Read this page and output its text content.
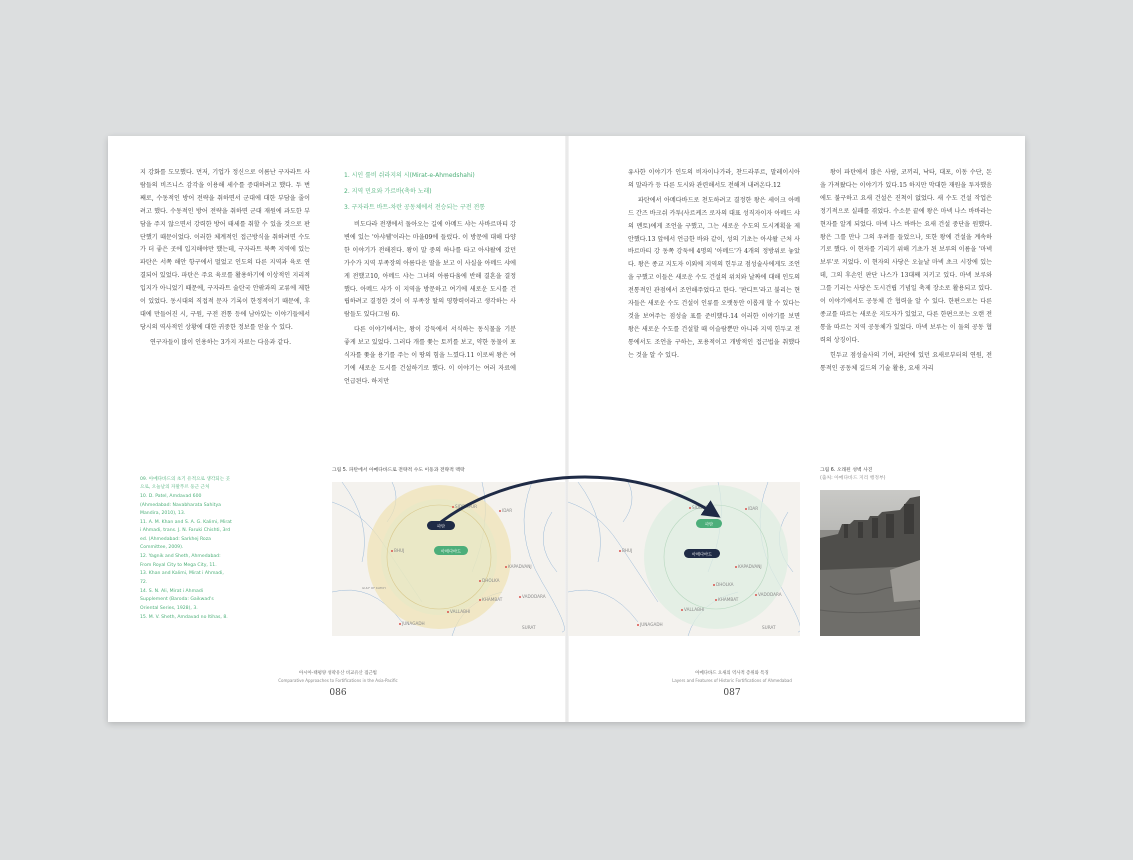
지 강화를 도모했다. 먼저, 기업가 정신으로 이름난 구자라트 사람들의 비즈니스 감각을 이용해 세수를 증대하려고 했다. 두 번째로, 수동적인 방어 전략을 취하면서 군대에 대한 부담을 줄이려고 했다. 수동적인 방어 전략을 취하면 군대 재원에 과도한 부담을 주지 않으면서 강력한 방어 태세를 취할 수 있을 것으로 판단했기 때문이었다. 이러한 체계적인 접근방식을 취하려면 수도가 더 좋은 곳에 입지해야만 했는데, 구자라트 북쪽 지역에 있는 파탄은 서쪽 해안 항구에서 멀었고 인도의 다른 지역과 육로 연결되어 있었다. 파탄은 주요 육로를 활용하기에 이상적인 지리적 입지가 아니었기 때문에, 구자라트 술탄국 안팎과의 교류에 제한이 있었다. 동시대의 직접적 문자 기록이 한정적이기 때문에, 후대에 만들어진 시, 구원, 구전 전통 등에 남아있는 이야기들에서 당시의 역사적인 상황에 대한 귀중한 정보를 얻을 수 있다.

연구자들이 많이 인용하는 3가지 자료는 다음과 같다.

1. 시인 룰비 쉬라지의 시(Mirat-e-Ahmedshahi)
2. 지역 민요와 가르바(축하 노래)
3. 구자라트 바트-차란 공동체에서 전승되는 구전 전통

비도다라 전쟁에서 돌아오는 길에 아메드 샤는 사바르마티 강변에 있는 '아샤웰'이라는 마을09에 들렀다. 이 방문에 대해 다양한 이야기가 전해진다. 왕이 말 중의 하나를 타고 아샤왈에 갔던 가수가 지역 부족장의 아름다운 딸을 보고 이 사실을 아메드 샤에게 전했고10, 아메드 샤는 그녀의 아름다움에 반해 결혼을 결정했다. 아메드 샤가 이 지역을 방문하고 여기에 새로운 도시를 건립하려고 결정한 것이 이 부족장 딸의 영향력이라고 생각하는 사람들도 있다(그림 6).

다른 이야기에서는, 왕이 강둑에서 서식하는 동식물을 기분 좋게 보고 있었다. 그러다 개를 쫓는 토끼를 보고, 약한 동물이 포식자를 쫓을 용기를 주는 이 땅의 힘을 느꼈다.11 이로써 왕은 여기에 새로운 도시를 건설하기로 했다. 이 이야기는 여러 자료에 언급된다. 하지만

09. 아메다바드의 초기 유적으로 생각되는 곳으로, 오늘날의 자말푸르 둥근 근처
10. D. Patel, Amdavad 600 (Ahmedabad: Navabharata Sahitya Mandira, 2010), 13.
11. A. M. Khan and S. A. G. Kalimi, Mirat i Ahmadi, trans. J. N. Faruki Chishti, 3rd ed. (Ahmedabad: Sarkhej Roza Committee, 2009).
12. Yagnik and Sheth, Ahmedabad: From Royal City to Mega City, 11.
13. Khan and Kalimi, Mirat i Ahmadi, 72.
14. S. N. Ali, Mirat i Ahmadi Supplement (Baroda: Gaikwad's Oriental Series, 1928), 3.
15. M. V. Sheth, Amdavad no Itihas, 8.
그림 5. 파탄에서 아메다바드로 전략적 수도 이동과 전략적 맥락
파탄
아메다바드
SIDDHPUR
IDAR
BHUJ
KAPADVANJ
DHOLKA
KHAMBAT
VADODARA
VALLABHI
JUNAGADH
SURAT
GULF OF KATCH
아시아-태평양 성곽유산 비교유산 접근법
Comparative Approaches to Fortifications in the Asia-Pacific
086

유사한 이야기가 인도의 비자이나가라, 찬드라푸르, 말레이시아의 말라카 등 다른 도시와 관련해서도 전해져 내려온다.12

파탄에서 아메다바드로 천도하려고 결정한 왕은 세이크 아메드 간즈 바크쉬 카투(사르케즈 로자의 대표 성직자이자 아메드 샤의 멘토)에게 조언을 구했고, 그는 새로운 수도의 도시계획을 제안했다.13 앞에서 언급한 바와 같이, 성의 기초는 아샤왈 근처 사바르마티 강 동쪽 강둑에 4명의 '아메드'가 4개의 정방위로 놓았다. 왕은 종교 지도자 이외에 지역의 힌두교 점성술사에게도 조언을 구했고 이들은 새로운 수도 건설의 위치와 날짜에 대해 인도의 전통적인 관점에서 조언해주었다고 한다. '판디트'라고 불리는 현자들은 새로운 수도 건설이 인류를 오랫동안 이롭게 할 수 있다는 것을 보여주는 점성술 표를 준비했다.14 이러한 이야기를 보면 왕은 새로운 수도를 건설할 때 이슬람뿐만 아니라 지역 힌두교 전통에서도 조언을 구하는, 포용적이고 개방적인 접근법을 취했다는 것을 알 수 있다.

왕이 파탄에서 많은 사람, 코끼리, 낙타, 대포, 이동 수단, 돈을 가져왔다는 이야기가 있다.15 하지만 막대한 재원을 투자했음에도 불구하고 요새 건설은 진척이 없었다. 새 수도 건설 작업은 정기적으로 실패를 겪었다. 수소문 끝에 왕은 마넥 나스 바바라는 현자를 알게 되었다. 마넥 나스 바바는 요새 건설 중단을 원했다. 왕은 그를 만나 그의 우려를 들었으나, 또한 왕에 건설을 계속하기로 했다. 이 현자를 기리기 위해 기초가 된 보루의 이름을 '마넥 보루'로 지었다. 이 현자의 사당은 오늘날 마넥 초크 시장에 있는데, 그의 후손인 판단 나스가 13대째 지키고 있다. 마넥 보루와 그를 기리는 사당은 도시건립 기념일 축제 장소로 활용되고 있다. 이 이야기에서도 공동체 간 협력을 알 수 있다. 한편으로는 다른 종교를 따르는 새로운 지도자가 있었고, 다른 한편으로는 오랜 전통을 따르는 지역 공동체가 있었다. 마넥 보루는 이 둘의 공동 협력의 상징이다.

힌두교 점성술사의 기여, 파탄에 있던 요새로부터의 연원, 전통적인 공동체 길드의 기술 활용, 요새 자리

파탄
아메다바드
SIDDHPUR	IDAR
BHUJ
KAPADVANJ
DHOLKA
KHAMBAT
VADODARA
VALLABHI
JUNAGADH
SURAT
그림 6. 오래된 성벽 사진
(출처: 아메다바드 지리 행정부)
아메다바드 요새의 역사적 층위와 특징
Layers and Features of Historic Fortifications of Ahmedabad
087
